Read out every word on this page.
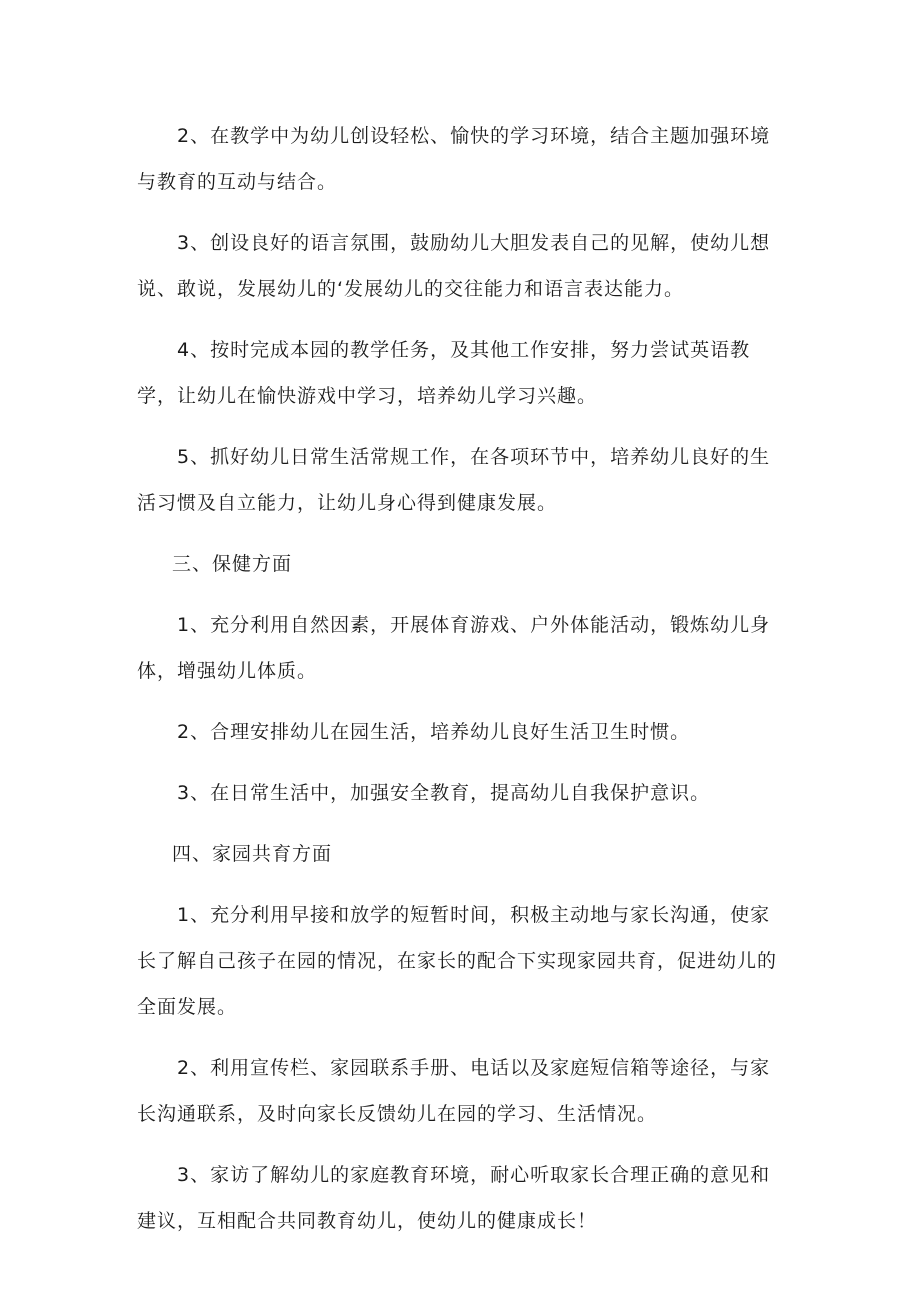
2、在教学中为幼儿创设轻松、愉快的学习环境，结合主题加强环境与教育的互动与结合。

3、创设良好的语言氛围，鼓励幼儿大胆发表自己的见解，使幼儿想说、敢说，发展幼儿的‘发展幼儿的交往能力和语言表达能力。

4、按时完成本园的教学任务，及其他工作安排，努力尝试英语教学，让幼儿在愉快游戏中学习，培养幼儿学习兴趣。

5、抓好幼儿日常生活常规工作，在各项环节中，培养幼儿良好的生活习惯及自立能力，让幼儿身心得到健康发展。

三、保健方面

1、充分利用自然因素，开展体育游戏、户外体能活动，锻炼幼儿身体，增强幼儿体质。

2、合理安排幼儿在园生活，培养幼儿良好生活卫生时惯。

3、在日常生活中，加强安全教育，提高幼儿自我保护意识。

四、家园共育方面

1、充分利用早接和放学的短暂时间，积极主动地与家长沟通，使家长了解自己孩子在园的情况，在家长的配合下实现家园共育，促进幼儿的全面发展。

2、利用宣传栏、家园联系手册、电话以及家庭短信箱等途径，与家长沟通联系，及时向家长反馈幼儿在园的学习、生活情况。

3、家访了解幼儿的家庭教育环境，耐心听取家长合理正确的意见和建议，互相配合共同教育幼儿，使幼儿的健康成长！
